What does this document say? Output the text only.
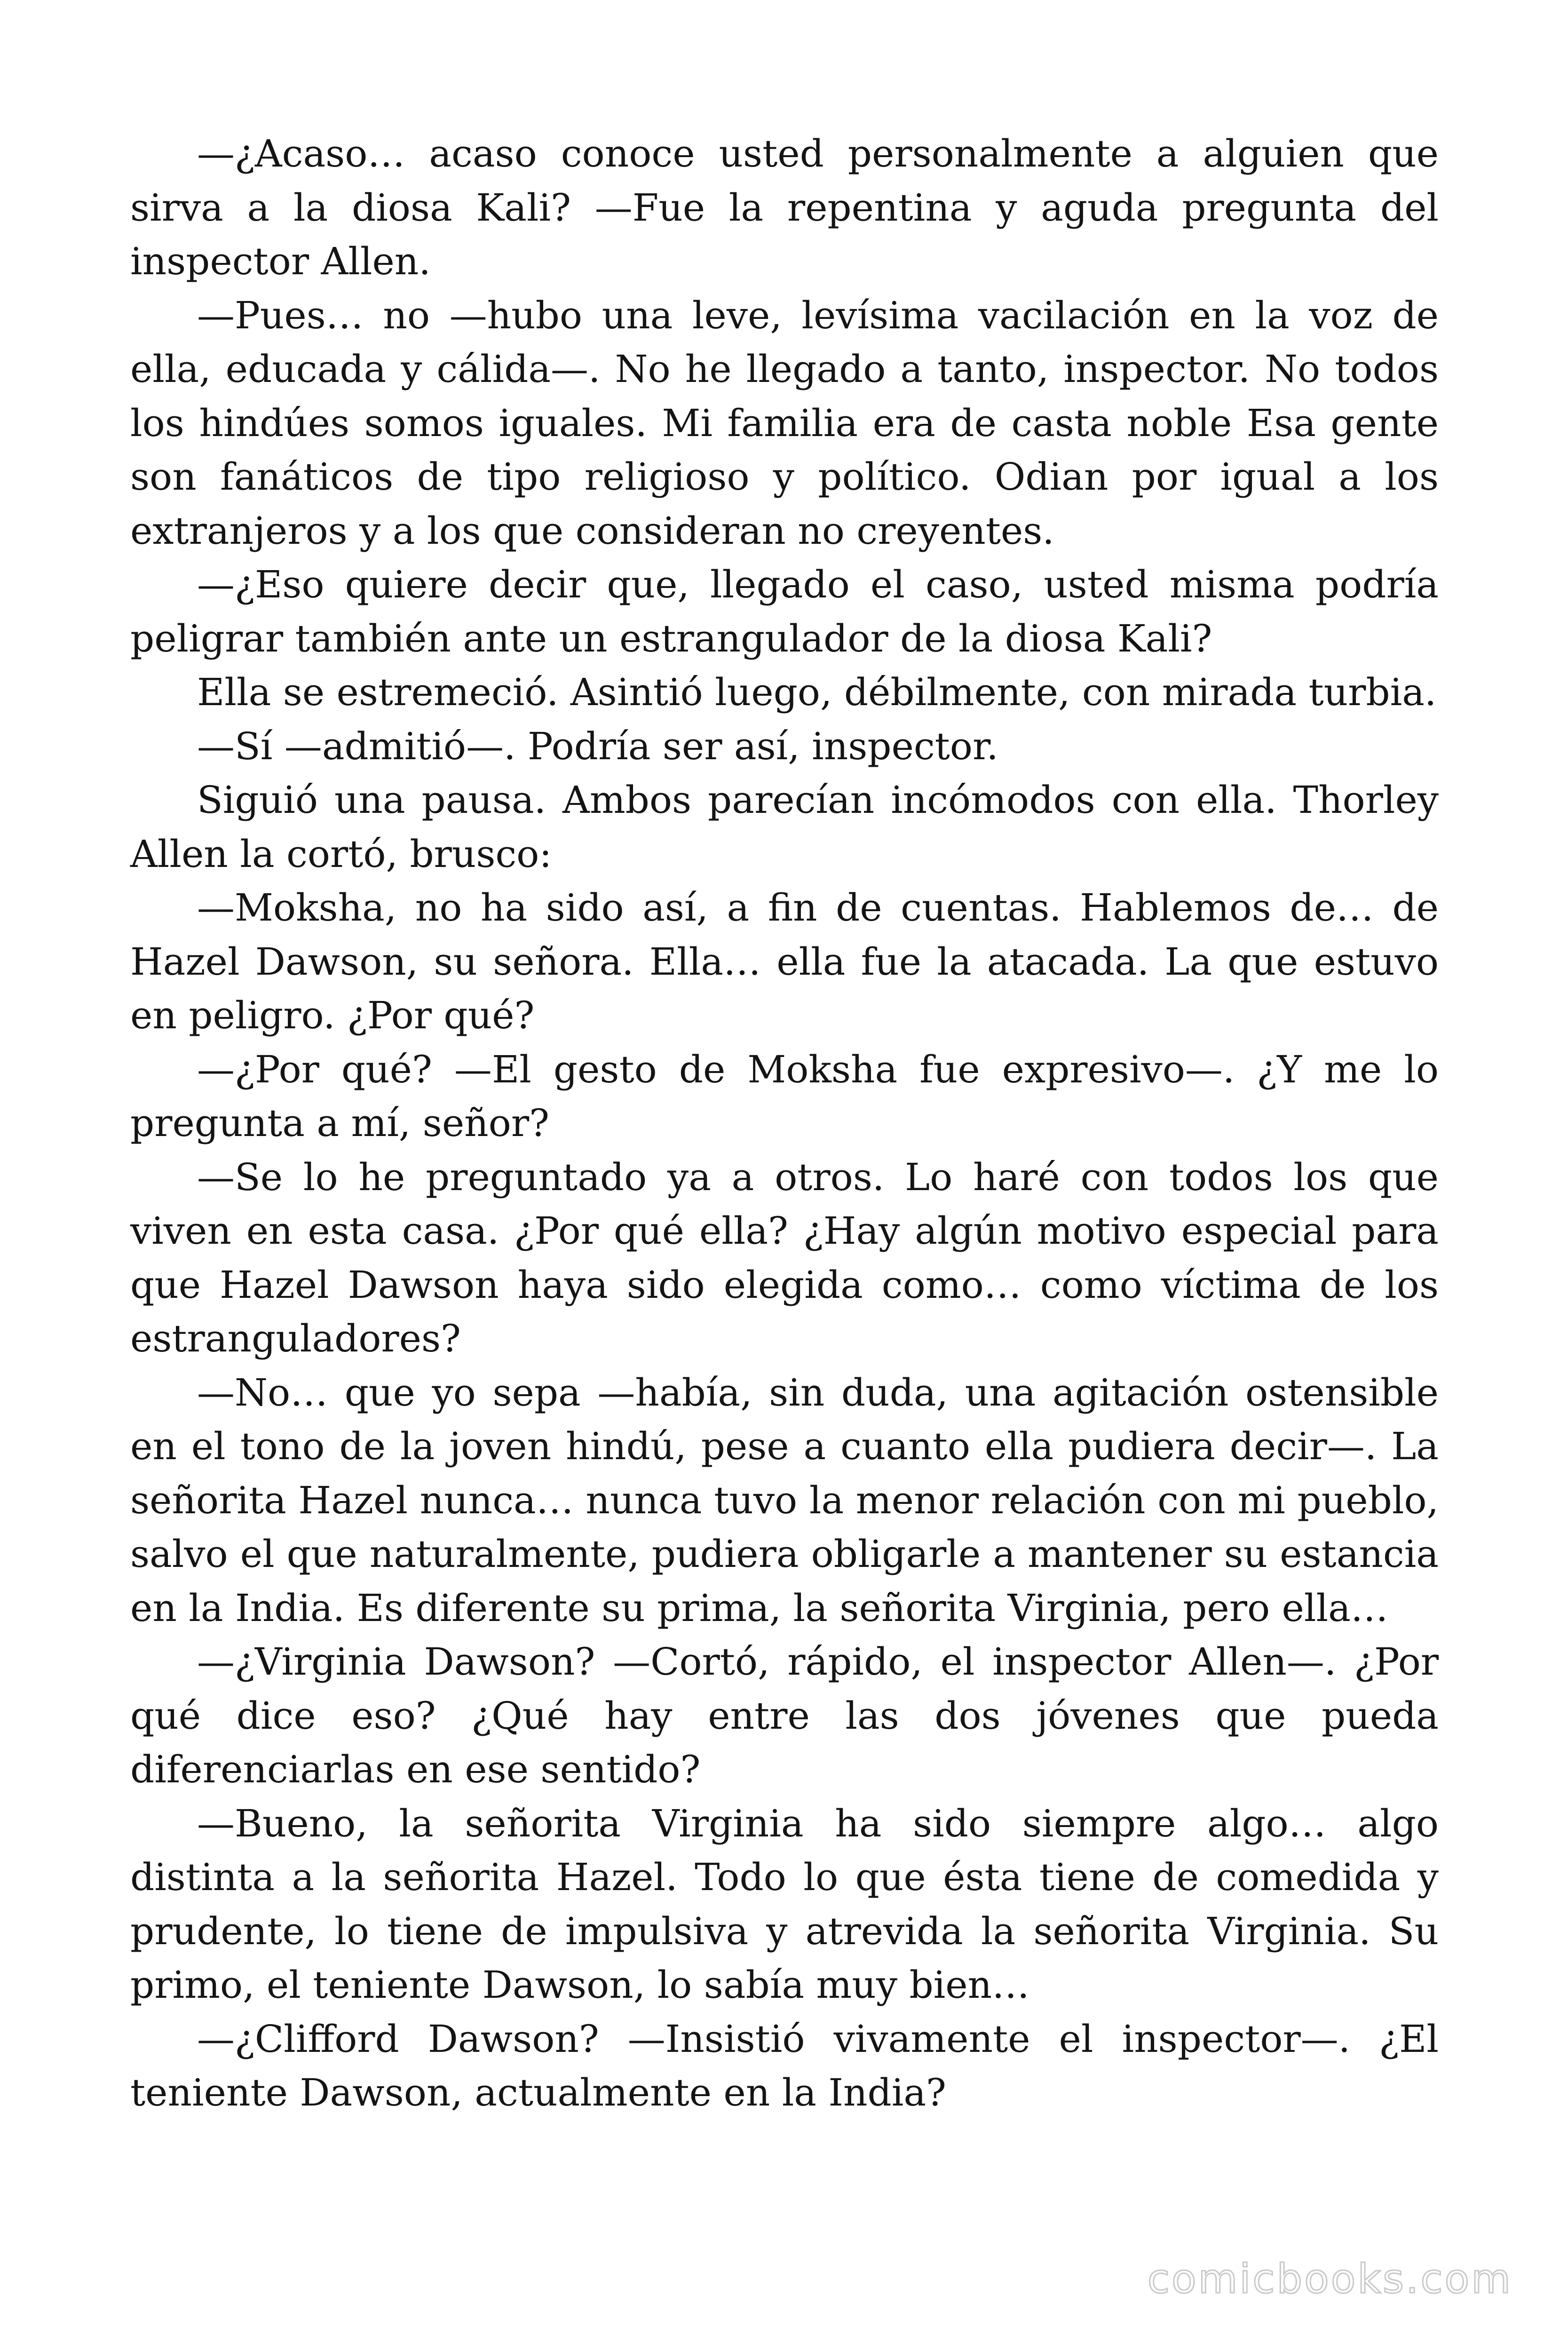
—¿Acaso… acaso conoce usted personalmente a alguien que sirva a la diosa Kali? —Fue la repentina y aguda pregunta del inspector Allen.

—Pues… no —hubo una leve, levísima vacilación en la voz de ella, educada y cálida—. No he llegado a tanto, inspector. No todos los hindúes somos iguales. Mi familia era de casta noble Esa gente son fanáticos de tipo religioso y político. Odian por igual a los extranjeros y a los que consideran no creyentes.

—¿Eso quiere decir que, llegado el caso, usted misma podría peligrar también ante un estrangulador de la diosa Kali?

Ella se estremeció. Asintió luego, débilmente, con mirada turbia.

—Sí —admitió—. Podría ser así, inspector.

Siguió una pausa. Ambos parecían incómodos con ella. Thorley Allen la cortó, brusco:

—Moksha, no ha sido así, a fin de cuentas. Hablemos de… de Hazel Dawson, su señora. Ella… ella fue la atacada. La que estuvo en peligro. ¿Por qué?

—¿Por qué? —El gesto de Moksha fue expresivo—. ¿Y me lo pregunta a mí, señor?

—Se lo he preguntado ya a otros. Lo haré con todos los que viven en esta casa. ¿Por qué ella? ¿Hay algún motivo especial para que Hazel Dawson haya sido elegida como… como víctima de los estranguladores?

—No… que yo sepa —había, sin duda, una agitación ostensible en el tono de la joven hindú, pese a cuanto ella pudiera decir—. La señorita Hazel nunca… nunca tuvo la menor relación con mi pueblo, salvo el que naturalmente, pudiera obligarle a mantener su estancia en la India. Es diferente su prima, la señorita Virginia, pero ella…

—¿Virginia Dawson? —Cortó, rápido, el inspector Allen—. ¿Por qué dice eso? ¿Qué hay entre las dos jóvenes que pueda diferenciarlas en ese sentido?

—Bueno, la señorita Virginia ha sido siempre algo… algo distinta a la señorita Hazel. Todo lo que ésta tiene de comedida y prudente, lo tiene de impulsiva y atrevida la señorita Virginia. Su primo, el teniente Dawson, lo sabía muy bien…

—¿Clifford Dawson? —Insistió vivamente el inspector—. ¿El teniente Dawson, actualmente en la India?

comicbooks.com
